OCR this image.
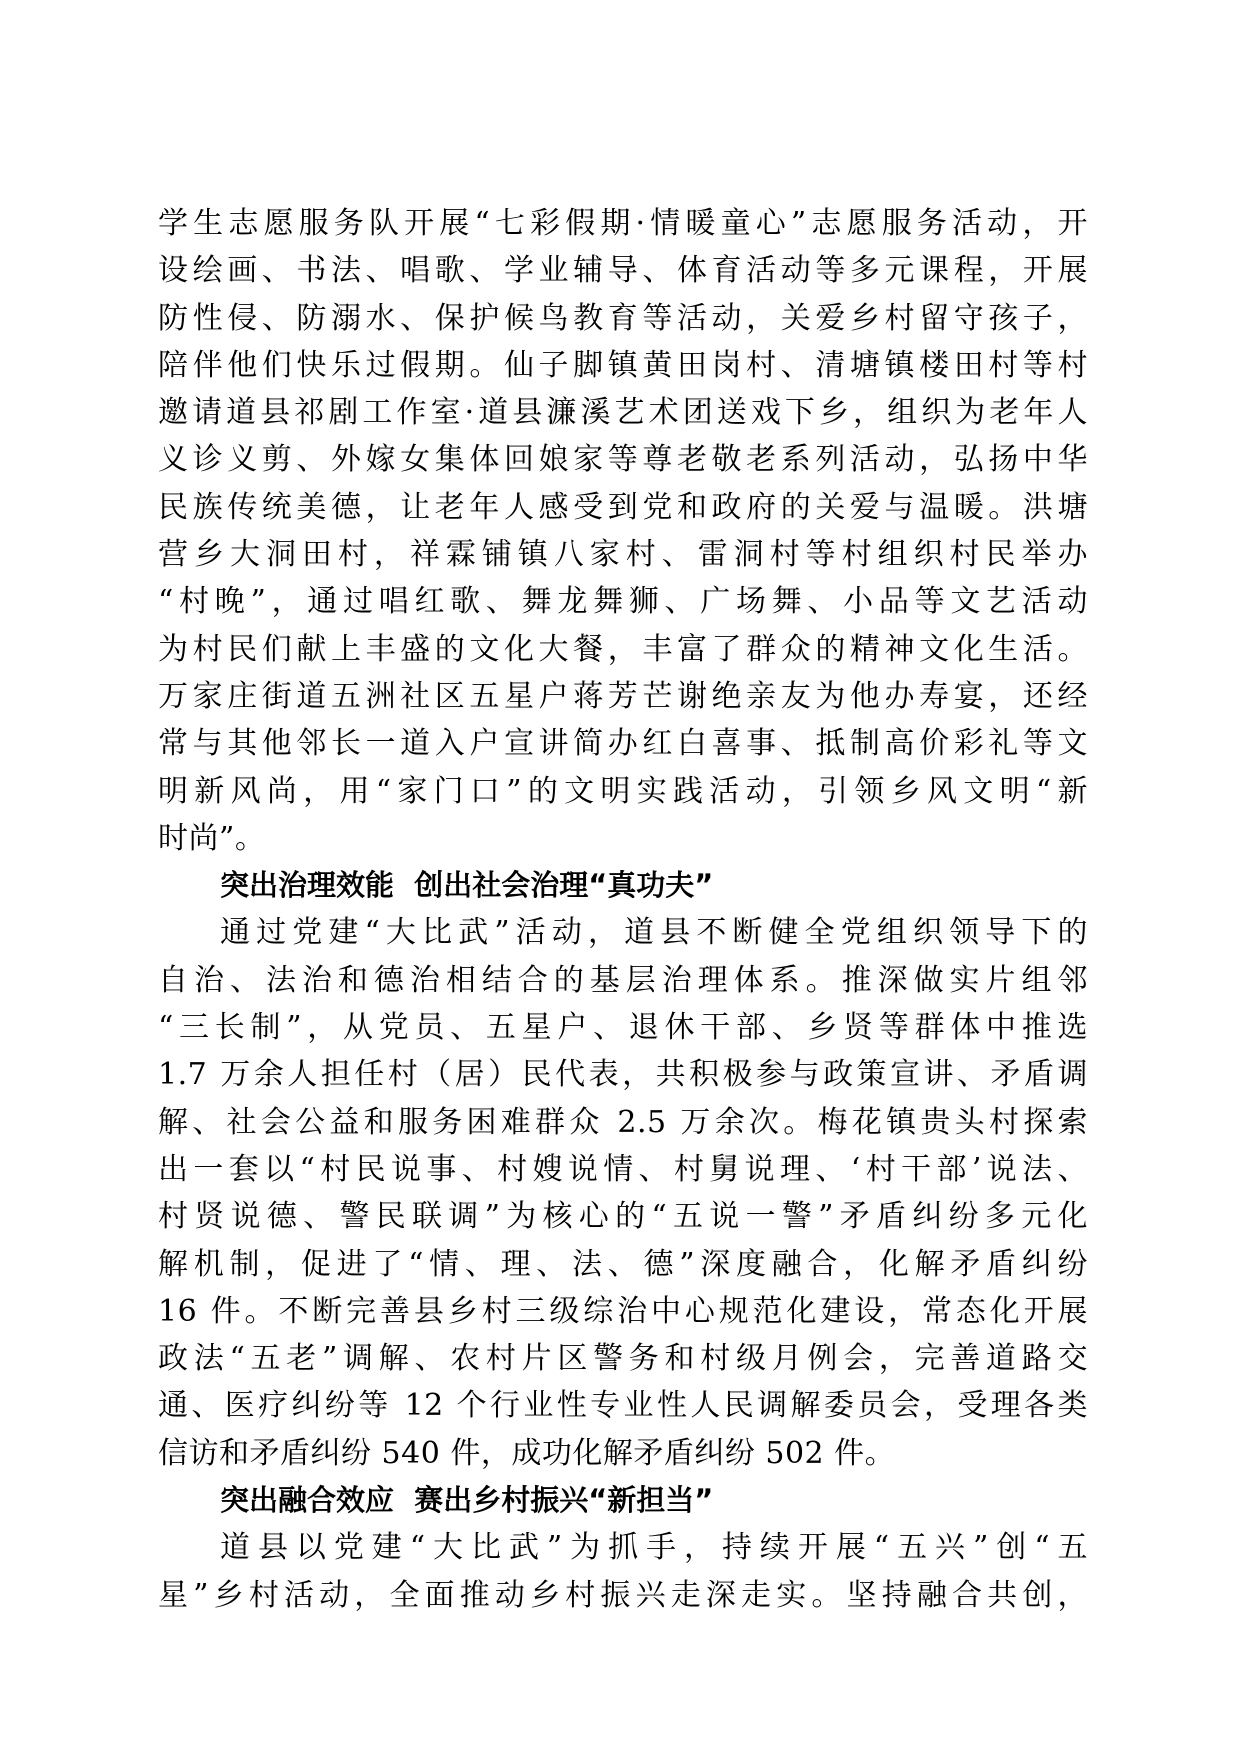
学生志愿服务队开展“七彩假期·情暖童心”志愿服务活动，开
设绘画、书法、唱歌、学业辅导、体育活动等多元课程，开展
防性侵、防溺水、保护候鸟教育等活动，关爱乡村留守孩子，
陪伴他们快乐过假期。仙子脚镇黄田岗村、清塘镇楼田村等村
邀请道县祁剧工作室·道县濂溪艺术团送戏下乡，组织为老年人
义诊义剪、外嫁女集体回娘家等尊老敬老系列活动，弘扬中华
民族传统美德，让老年人感受到党和政府的关爱与温暖。洪塘
营乡大洞田村，祥霖铺镇八家村、雷洞村等村组织村民举办
“村晚”，通过唱红歌、舞龙舞狮、广场舞、小品等文艺活动
为村民们献上丰盛的文化大餐，丰富了群众的精神文化生活。
万家庄街道五洲社区五星户蒋芳芒谢绝亲友为他办寿宴，还经
常与其他邻长一道入户宣讲简办红白喜事、抵制高价彩礼等文
明新风尚，用“家门口”的文明实践活动，引领乡风文明“新
时尚”。
突出治理效能  创出社会治理“真功夫”
通过党建“大比武”活动，道县不断健全党组织领导下的
自治、法治和德治相结合的基层治理体系。推深做实片组邻
“三长制”，从党员、五星户、退休干部、乡贤等群体中推选
1.7 万余人担任村（居）民代表，共积极参与政策宣讲、矛盾调
解、社会公益和服务困难群众 2.5 万余次。梅花镇贵头村探索
出一套以“村民说事、村嫂说情、村舅说理、‘村干部’说法、
村贤说德、警民联调”为核心的“五说一警”矛盾纠纷多元化
解机制，促进了“情、理、法、德”深度融合，化解矛盾纠纷
16 件。不断完善县乡村三级综治中心规范化建设，常态化开展
政法“五老”调解、农村片区警务和村级月例会，完善道路交
通、医疗纠纷等 12 个行业性专业性人民调解委员会，受理各类
信访和矛盾纠纷 540 件，成功化解矛盾纠纷 502 件。
突出融合效应  赛出乡村振兴“新担当”
道县以党建“大比武”为抓手，持续开展“五兴”创“五
星”乡村活动，全面推动乡村振兴走深走实。坚持融合共创，
